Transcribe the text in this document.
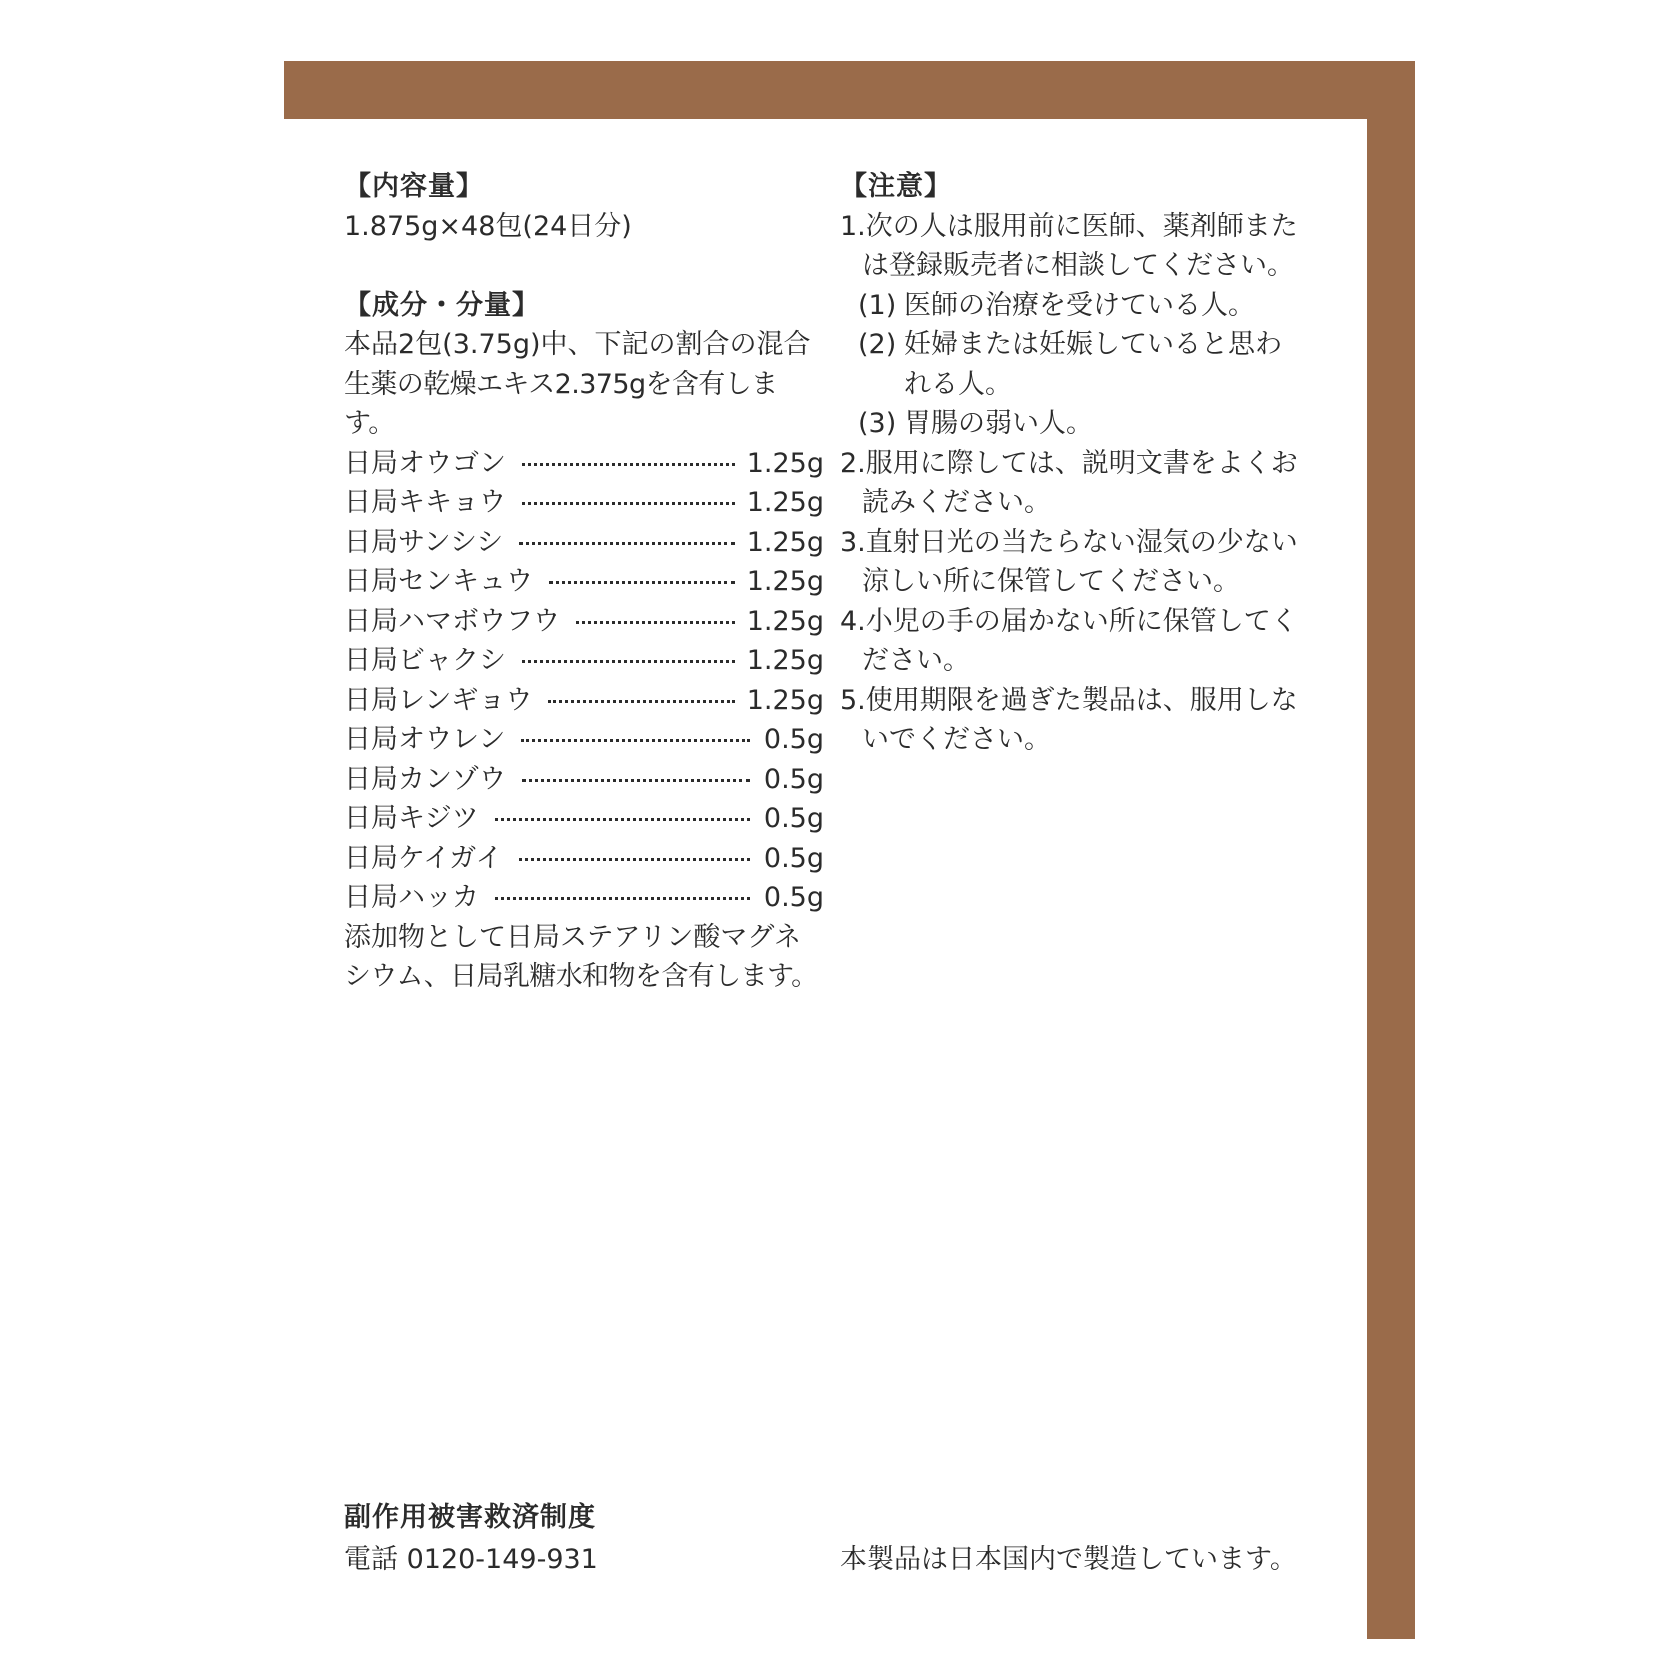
【内容量】
1.875g×48包(24日分)
【成分・分量】
本品2包(3.75g)中、下記の割合の混合
生薬の乾燥エキス2.375gを含有します。
日局オウゴン	1.25g
日局キキョウ	1.25g
日局サンシシ	1.25g
日局センキュウ	1.25g
日局ハマボウフウ	1.25g
日局ビャクシ	1.25g
日局レンギョウ	1.25g
日局オウレン	0.5g
日局カンゾウ	0.5g
日局キジツ	0.5g
日局ケイガイ	0.5g
日局ハッカ	0.5g
添加物として日局ステアリン酸マグネ
シウム、日局乳糖水和物を含有します。
【注意】
1. 次の人は服用前に医師、薬剤師また
は登録販売者に相談してください。
(1) 医師の治療を受けている人。
(2) 妊婦または妊娠していると思わ
れる人。
(3) 胃腸の弱い人。
2. 服用に際しては、説明文書をよくお
読みください。
3. 直射日光の当たらない湿気の少ない
涼しい所に保管してください。
4. 小児の手の届かない所に保管してく
ださい。
5. 使用期限を過ぎた製品は、服用しな
いでください。
副作用被害救済制度
電話 0120-149-931	本製品は日本国内で製造しています。
